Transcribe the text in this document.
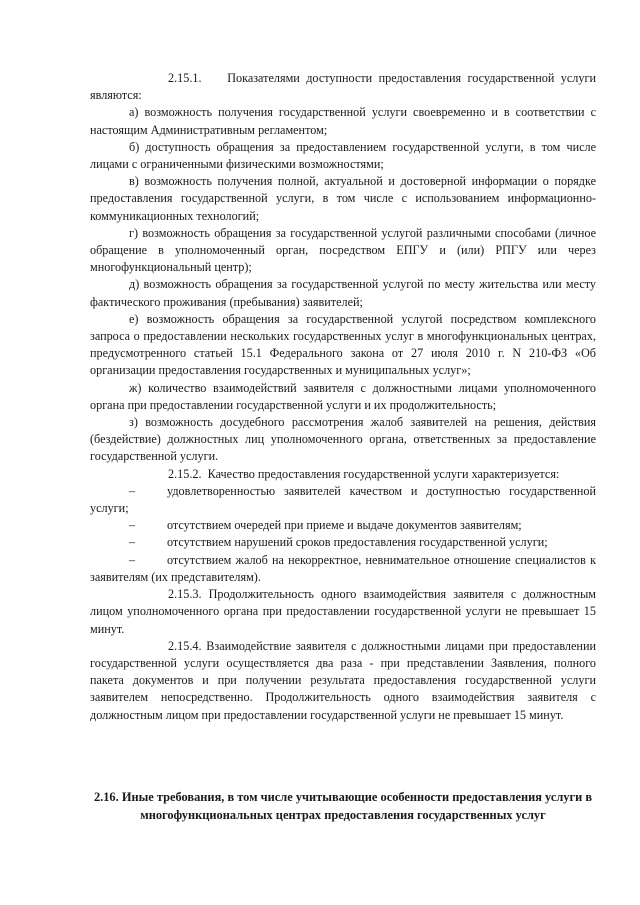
2.15.1. Показателями доступности предоставления государственной услуги являются:

а) возможность получения государственной услуги своевременно и в соответствии с настоящим Административным регламентом;

б) доступность обращения за предоставлением государственной услуги, в том числе лицами с ограниченными физическими возможностями;

в) возможность получения полной, актуальной и достоверной информации о порядке предоставления государственной услуги, в том числе с использованием информационно-коммуникационных технологий;

г) возможность обращения за государственной услугой различными способами (личное обращение в уполномоченный орган, посредством ЕПГУ и (или) РПГУ или через многофункциональный центр);

д) возможность обращения за государственной услугой по месту жительства или месту фактического проживания (пребывания) заявителей;

е) возможность обращения за государственной услугой посредством комплексного запроса о предоставлении нескольких государственных услуг в многофункциональных центрах, предусмотренного статьей 15.1 Федерального закона от 27 июля 2010 г. N 210-ФЗ «Об организации предоставления государственных и муниципальных услуг»;

ж) количество взаимодействий заявителя с должностными лицами уполномоченного органа при предоставлении государственной услуги и их продолжительность;

з) возможность досудебного рассмотрения жалоб заявителей на решения, действия (бездействие) должностных лиц уполномоченного органа, ответственных за предоставление государственной услуги.

2.15.2. Качество предоставления государственной услуги характеризуется:

–	удовлетворенностью заявителей качеством и доступностью государственной услуги;

–	отсутствием очередей при приеме и выдаче документов заявителям;

–	отсутствием нарушений сроков предоставления государственной услуги;

–	отсутствием жалоб на некорректное, невнимательное отношение специалистов к заявителям (их представителям).

2.15.3. Продолжительность одного взаимодействия заявителя с должностным лицом уполномоченного органа при предоставлении государственной услуги не превышает 15 минут.

2.15.4. Взаимодействие заявителя с должностными лицами при предоставлении государственной услуги осуществляется два раза - при представлении Заявления, полного пакета документов и при получении результата предоставления государственной услуги заявителем непосредственно. Продолжительность одного взаимодействия заявителя с должностным лицом при предоставлении государственной услуги не превышает 15 минут.

2.16. Иные требования, в том числе учитывающие особенности предоставления услуги в многофункциональных центрах предоставления государственных услуг
